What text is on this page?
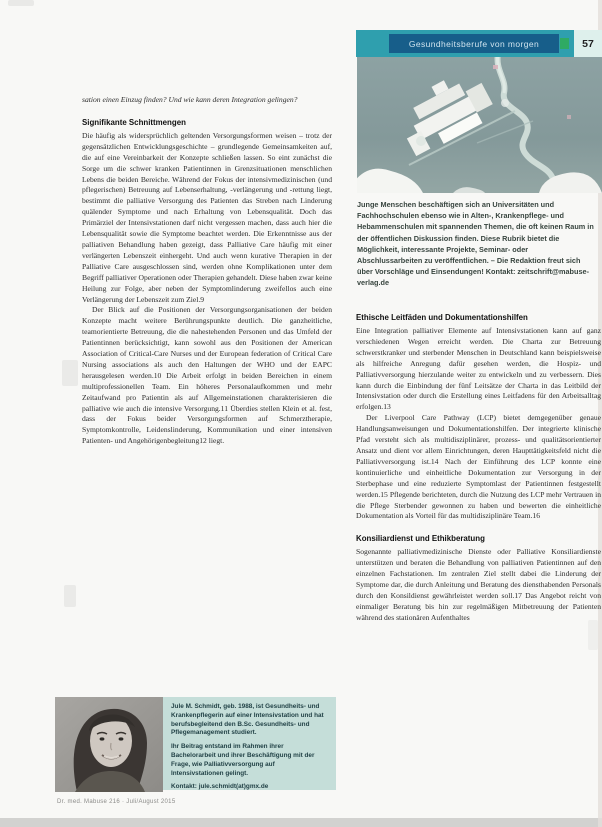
Gesundheitsberufe von morgen	57
Junge Menschen beschäftigen sich an Universitäten und Fachhochschulen ebenso wie in Alten-, Krankenpflege- und Hebammenschulen mit spannenden Themen, die oft keinen Raum in der öffentlichen Diskussion finden. Diese Rubrik bietet die Möglichkeit, interessante Projekte, Seminar- oder Abschlussarbeiten zu veröffentlichen. – Die Redaktion freut sich über Vorschläge und Einsendungen! Kontakt: zeitschrift@mabuse-verlag.de

sation einen Einzug finden? Und wie kann deren Integration gelingen?

Signifikante Schnittmengen

Die häufig als widersprüchlich geltenden Versorgungsformen weisen – trotz der gegensätzlichen Entwicklungsgeschichte – grundlegende Gemeinsamkeiten auf, die auf eine Vereinbarkeit der Konzepte schließen lassen. So eint zunächst die Sorge um die schwer kranken Patientinnen in Grenzsituationen menschlichen Lebens die beiden Bereiche. Während der Fokus der intensivmedizinischen (und pflegerischen) Betreuung auf Lebenserhaltung, -verlängerung und -rettung liegt, bestimmt die palliative Versorgung des Patienten das Streben nach Linderung quälender Symptome und nach Erhaltung von Lebensqualität. Doch das Primärziel der Intensivstationen darf nicht vergessen machen, dass auch hier die Lebensqualität sowie die Symptome beachtet werden. Die Erkenntnisse aus der palliativen Behandlung haben gezeigt, dass Palliative Care häufig mit einer verlängerten Lebenszeit einhergeht. Und auch wenn kurative Therapien in der Palliative Care ausgeschlossen sind, werden ohne Komplikationen unter dem Begriff palliativer Operationen oder Therapien gehandelt. Diese haben zwar keine Heilung zur Folge, aber neben der Symptomlinderung zweifellos auch eine Verlängerung der Lebenszeit zum Ziel.9

Der Blick auf die Positionen der Versorgungsorganisationen der beiden Konzepte macht weitere Berührungspunkte deutlich. Die ganzheitliche, teamorientierte Betreuung, die die nahestehenden Personen und das Umfeld der Patientinnen berücksichtigt, kann sowohl aus den Positionen der American Association of Critical-Care Nurses und der European federation of Critical Care Nursing associations als auch den Haltungen der WHO und der EAPC herausgelesen werden.10 Die Arbeit erfolgt in beiden Bereichen in einem multiprofessionellen Team. Ein höheres Personalaufkommen und mehr Zeitaufwand pro Patientin als auf Allgemeinstationen charakterisieren die palliative wie auch die intensive Versorgung.11 Überdies stellen Klein et al. fest, dass der Fokus beider Versorgungsformen auf Schmerztherapie, Symptomkontrolle, Leidenslinderung, Kommunikation und einer intensiven Patienten- und Angehörigenbegleitung12 liegt.

Ethische Leitfäden und Dokumentationshilfen

Eine Integration palliativer Elemente auf Intensivstationen kann auf ganz verschiedenen Wegen erreicht werden. Die Charta zur Betreuung schwerstkranker und sterbender Menschen in Deutschland kann beispielsweise als hilfreiche Anregung dafür gesehen werden, die Hospiz- und Palliativversorgung hierzulande weiter zu entwickeln und zu verbessern. Dies kann durch die Einbindung der fünf Leitsätze der Charta in das Leitbild der Intensivstation oder durch die Erstellung eines Leitfadens für den Arbeitsalltag erfolgen.13

Der Liverpool Care Pathway (LCP) bietet demgegenüber genaue Handlungsanweisungen und Dokumentationshilfen. Der integrierte klinische Pfad versteht sich als multidisziplinärer, prozess- und qualitätsorientierter Ansatz und dient vor allem Einrichtungen, deren Haupttätigkeitsfeld nicht die Palliativversorgung ist.14 Nach der Einführung des LCP konnte eine kontinuierliche und einheitliche Dokumentation zur Versorgung in der Sterbephase und eine reduzierte Symptomlast der Patientinnen festgestellt werden.15 Pflegende berichteten, durch die Nutzung des LCP mehr Vertrauen in die Pflege Sterbender gewonnen zu haben und bewerten die einheitliche Dokumentation als Vorteil für das multidisziplinäre Team.16

Konsiliardienst und Ethikberatung

Sogenannte palliativmedizinische Dienste oder Palliative Konsiliardienste unterstützen und beraten die Behandlung von palliativen Patientinnen auf den einzelnen Fachstationen. Im zentralen Ziel stellt dabei die Linderung der Symptome dar, die durch Anleitung und Beratung des diensthabenden Personals durch den Konsildienst gewährleistet werden soll.17 Das Angebot reicht von einmaliger Beratung bis hin zur regelmäßigen Mitbetreuung der Patienten während des stationären Aufenthaltes

Jule M. Schmidt, geb. 1988, ist Gesundheits- und Krankenpflegerin auf einer Intensivstation und hat berufsbegleitend den B.Sc. Gesundheits- und Pflegemanagement studiert.

Ihr Beitrag entstand im Rahmen ihrer Bachelorarbeit und ihrer Beschäftigung mit der Frage, wie Palliativversorgung auf Intensivstationen gelingt.

Kontakt: jule.schmidt(at)gmx.de

Dr. med. Mabuse 216 · Juli/August 2015
